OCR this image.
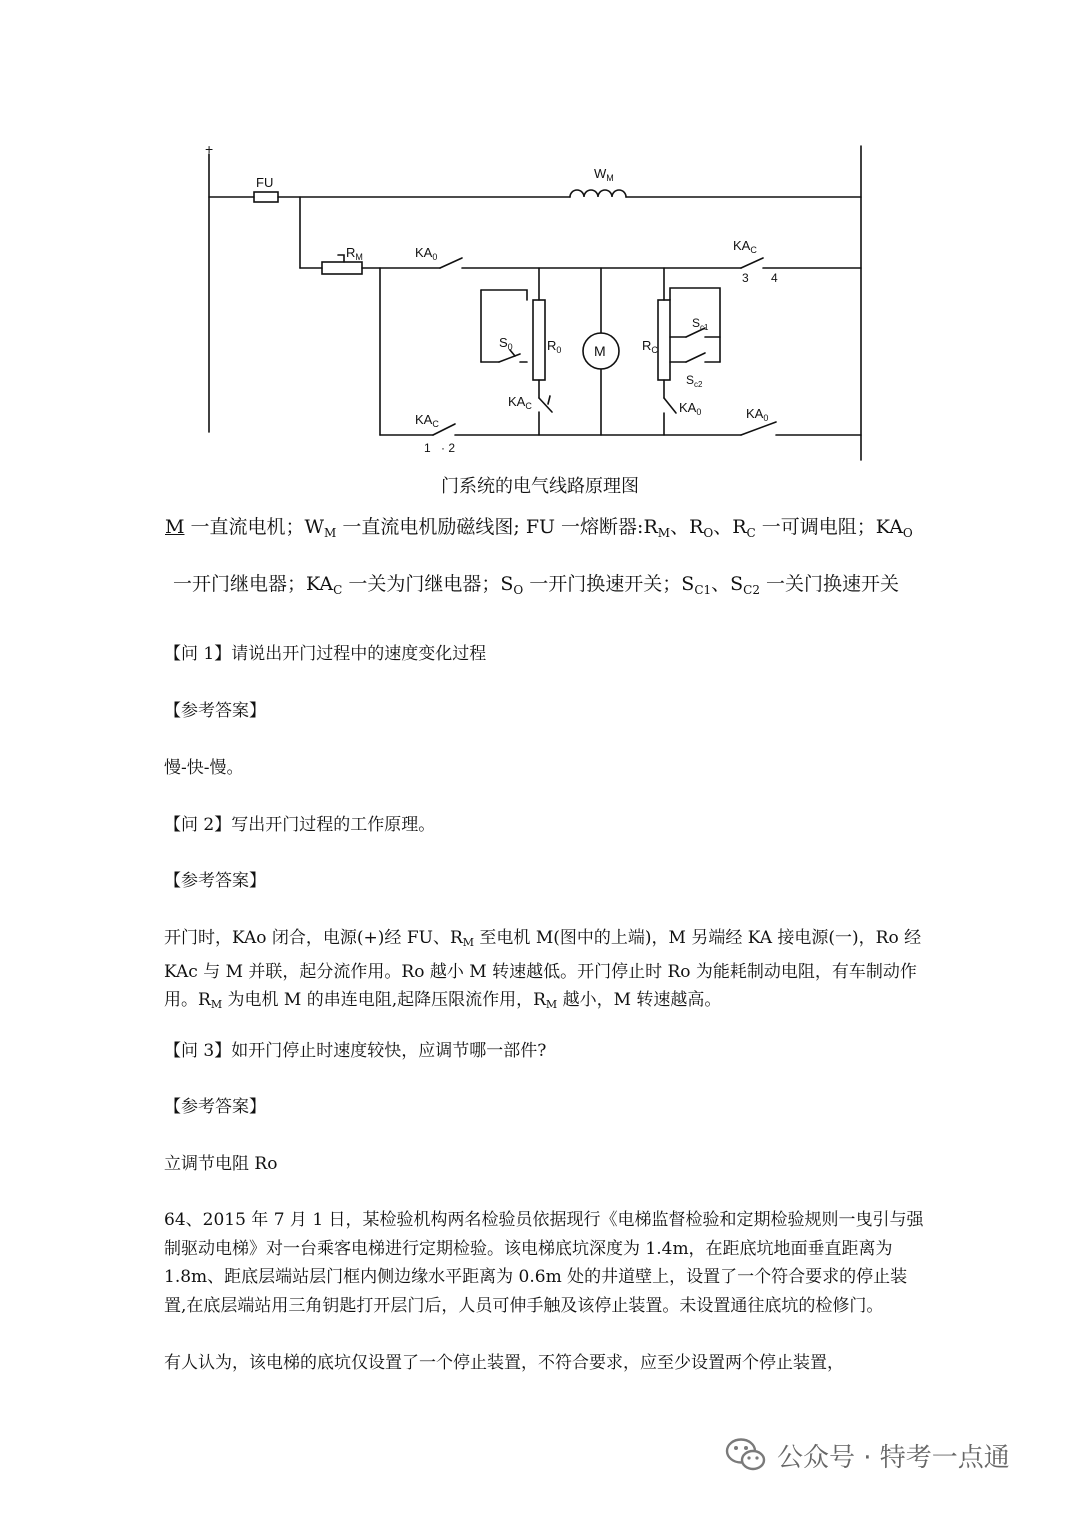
+
FU
$W_M$
$R_M$	$KA_0$
$KA_C$
3 4
$S_0$	$R_0$
$KA_C$
M	$R_C$
$S_{c1}$
$S_{c2}$
$KA_0$
$KA_C$
1 · 2
$KA_0$
门系统的电气线路原理图
M 一直流电机；$W_M$ 一直流电机励磁线图; FU 一熔断器$:R_M$、$R_O$、$R_C$ 一可调电阻；$KA_O$
一开门继电器；$KA_C$ 一关为门继电器；$S_O$ 一开门换速开关；$S_{C1}$、$S_{C2}$ 一关门换速开关
【问 1】请说出开门过程中的速度变化过程
【参考答案】
慢-快-慢。
【问 2】写出开门过程的工作原理。
【参考答案】
开门时，KAo 闭合，电源(+)经 FU、$R_M$ 至电机 M(图中的上端)，M 另端经 KA 接电源(一)，Ro 经 KAc 与 M 并联，起分流作用。Ro 越小 M 转速越低。开门停止时 Ro 为能耗制动电阻，有车制动作用。$R_M$ 为电机 M 的串连电阻,起降压限流作用，$R_M$ 越小，M 转速越高。
【问 3】如开门停止时速度较快，应调节哪一部件?
【参考答案】
立调节电阻 Ro
64、2015 年 7 月 1 日，某检验机构两名检验员依据现行《电梯监督检验和定期检验规则一曳引与强制驱动电梯》对一台乘客电梯进行定期检验。该电梯底坑深度为 1.4m，在距底坑地面垂直距离为 1.8m、距底层端站层门框内侧边缘水平距离为 0.6m 处的井道壁上，设置了一个符合要求的停止装置,在底层端站用三角钥匙打开层门后，人员可伸手触及该停止装置。未设置通往底坑的检修门。
有人认为，该电梯的底坑仅设置了一个停止装置，不符合要求，应至少设置两个停止装置，
公众号 · 特考一点通
